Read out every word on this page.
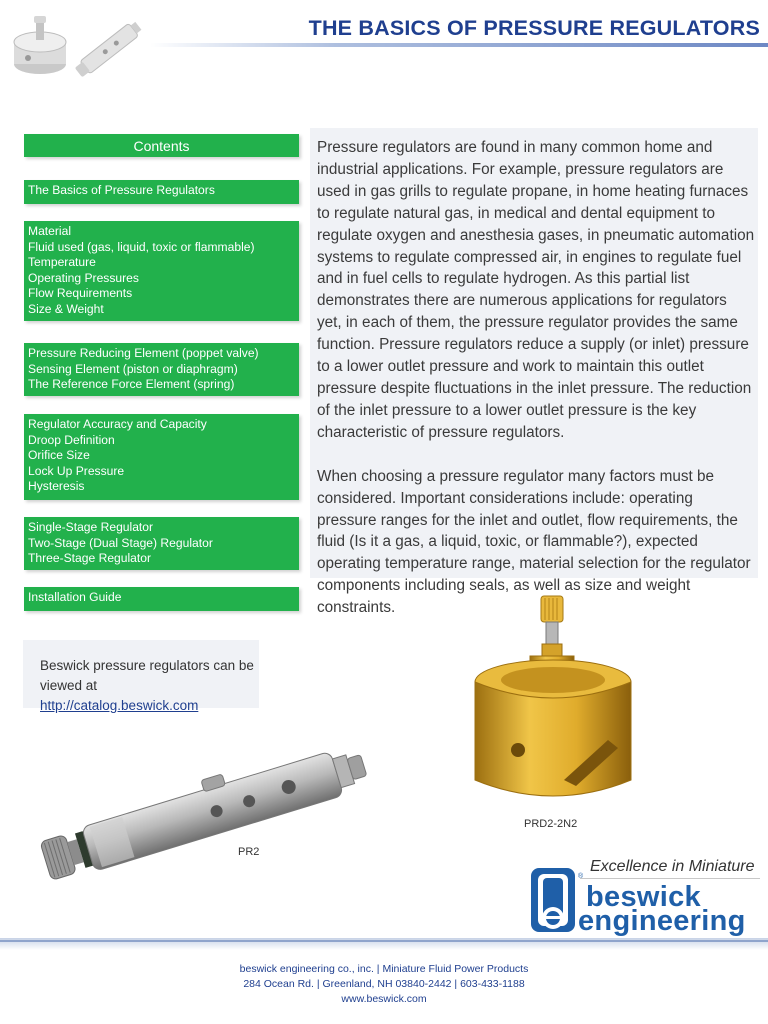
THE BASICS OF PRESSURE REGULATORS
Contents
The Basics of Pressure Regulators
Material
Fluid used (gas, liquid, toxic or flammable)
Temperature
Operating Pressures
Flow Requirements
Size & Weight
Pressure Reducing Element (poppet valve)
Sensing Element (piston or diaphragm)
The Reference Force Element (spring)
Regulator Accuracy and Capacity
Droop Definition
Orifice Size
Lock Up Pressure
Hysteresis
Single-Stage Regulator
Two-Stage (Dual Stage) Regulator
Three-Stage Regulator
Installation Guide

Pressure regulators are found in many common home and industrial applications. For example, pressure regulators are used in gas grills to regulate propane, in home heating furnaces to regulate natural gas, in medical and dental equipment to regulate oxygen and anesthesia gases, in pneumatic automation systems to regulate compressed air, in engines to regulate fuel and in fuel cells to regulate hydrogen. As this partial list demonstrates there are numerous applications for regulators yet, in each of them, the pressure regulator provides the same function. Pressure regulators reduce a supply (or inlet) pressure to a lower outlet pressure and work to maintain this outlet pressure despite fluctuations in the inlet pressure. The reduction of the inlet pressure to a lower outlet pressure is the key characteristic of pressure regulators.

When choosing a pressure regulator many factors must be considered. Important considerations include: operating pressure ranges for the inlet and outlet, flow requirements, the fluid (Is it a gas, a liquid, toxic, or flammable?), expected operating temperature range, material selection for the regulator components including seals, as well as size and weight constraints.

Beswick pressure regulators can be viewed at http://catalog.beswick.com
PR2
PRD2-2N2
Excellence in Miniature
®
beswick
engineering
beswick engineering co., inc. | Miniature Fluid Power Products
284 Ocean Rd. | Greenland, NH 03840-2442 | 603-433-1188
www.beswick.com
